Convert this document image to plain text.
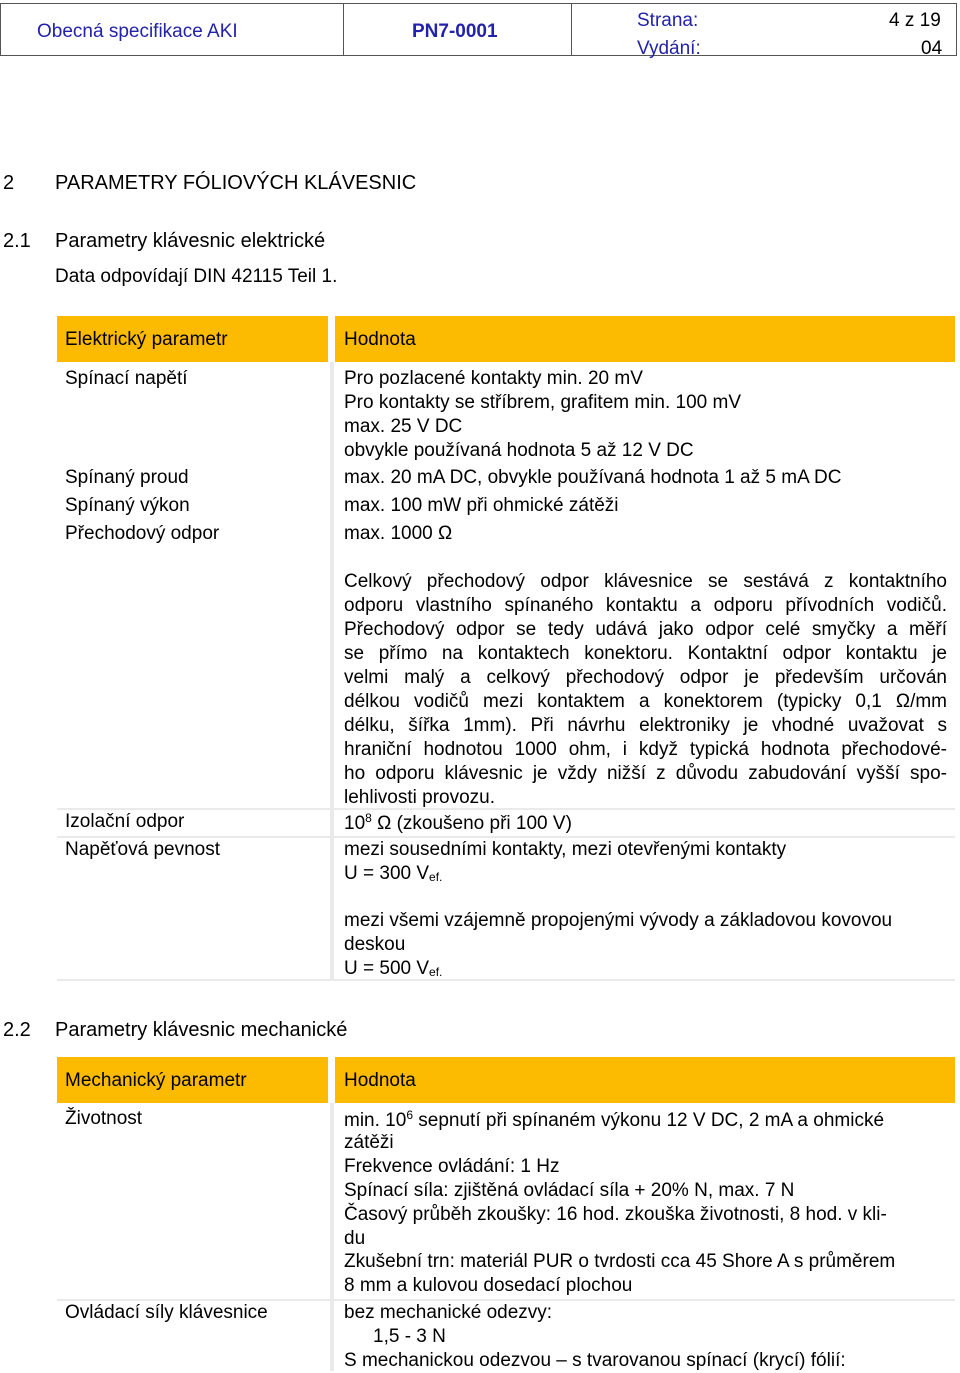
Obecná specifikace AKI	PN7-0001
Strana:	4 z 19
Vydání:	04
2 PARAMETRY FÓLIOVÝCH KLÁVESNIC
2.1 Parametry klávesnic elektrické
Data odpovídají DIN 42115 Teil 1.
Elektrický parametr	Hodnota
Spínací napětí	Pro pozlacené kontakty min. 20 mV
Pro kontakty se stříbrem, grafitem min. 100 mV
max. 25 V DC
obvykle používaná hodnota 5 až 12 V DC
Spínaný proud	max. 20 mA DC, obvykle používaná hodnota 1 až 5 mA DC
Spínaný výkon	max. 100 mW při ohmické zátěži
Přechodový odpor	max. 1000 Ω
Celkový přechodový odpor klávesnice se sestává z kontaktního
odporu vlastního spínaného kontaktu a odporu přívodních vodičů.
Přechodový odpor se tedy udává jako odpor celé smyčky a měří
se přímo na kontaktech konektoru. Kontaktní odpor kontaktu je
velmi malý a celkový přechodový odpor je především určován
délkou vodičů mezi kontaktem a konektorem (typicky 0,1 Ω/mm
délku, šířka 1mm). Při návrhu elektroniky je vhodné uvažovat s
hraniční hodnotou 1000 ohm, i když typická hodnota přechodové-
ho odporu klávesnic je vždy nižší z důvodu zabudování vyšší spo-
lehlivosti provozu.
Izolační odpor	$10^8$ Ω (zkoušeno při 100 V)
Napěťová pevnost	mezi sousedními kontakty, mezi otevřenými kontakty
U = 300 $V_{ef.}$
mezi všemi vzájemně propojenými vývody a základovou kovovou
deskou
U = 500 $V_{ef.}$
2.2 Parametry klávesnic mechanické
Mechanický parametr	Hodnota
Životnost	min. $10^6$ sepnutí při spínaném výkonu 12 V DC, 2 mA a ohmické
zátěži
Frekvence ovládání: 1 Hz
Spínací síla: zjištěná ovládací síla + 20% N, max. 7 N
Časový průběh zkoušky: 16 hod. zkouška životnosti, 8 hod. v kli-
du
Zkušební trn: materiál PUR o tvrdosti cca 45 Shore A s průměrem
8 mm a kulovou dosedací plochou
Ovládací síly klávesnice	bez mechanické odezvy:
1,5 - 3 N
S mechanickou odezvou – s tvarovanou spínací (krycí) fólií:
